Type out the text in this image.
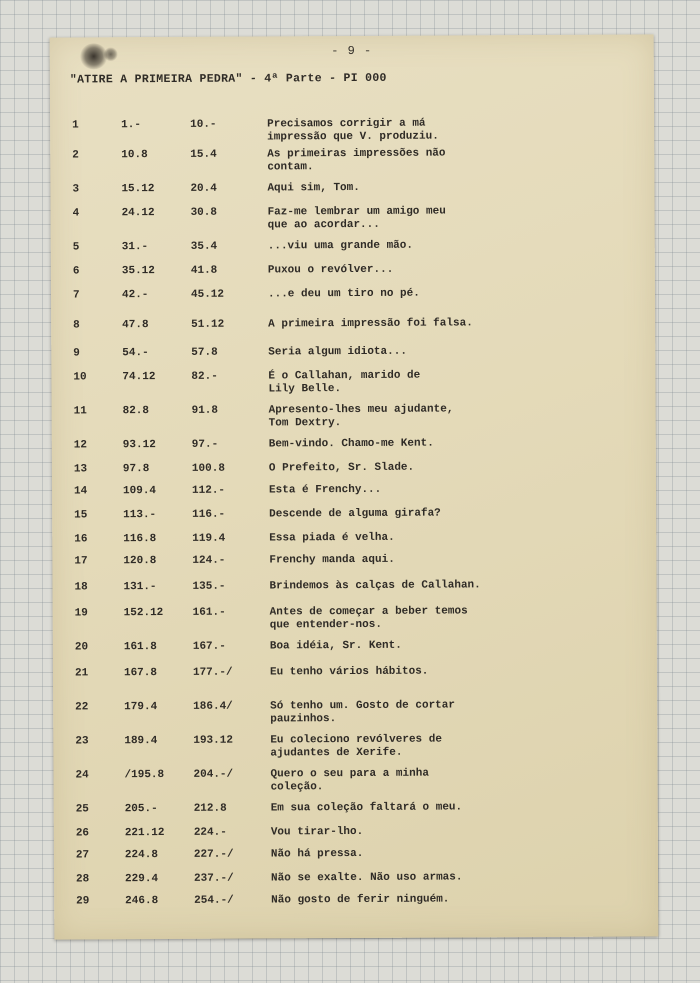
- 9 -
"ATIRE A PRIMEIRA PEDRA" - 4ª Parte - PI 000
1	1.-	10.-	Precisamos corrigir a má
impressão que V. produziu.
2	10.8	15.4	As primeiras impressões não
contam.
3	15.12	20.4	Aqui sim, Tom.
4	24.12	30.8	Faz-me lembrar um amigo meu
que ao acordar...
5	31.-	35.4	...viu uma grande mão.
6	35.12	41.8	Puxou o revólver...
7	42.-	45.12	...e deu um tiro no pé.
8	47.8	51.12	A primeira impressão foi falsa.
9	54.-	57.8	Seria algum idiota...
10	74.12	82.-	É o Callahan, marido de
Lily Belle.
11	82.8	91.8	Apresento-lhes meu ajudante,
Tom Dextry.
12	93.12	97.-	Bem-vindo. Chamo-me Kent.
13	97.8	100.8	O Prefeito, Sr. Slade.
14	109.4	112.-	Esta é Frenchy...
15	113.-	116.-	Descende de alguma girafa?
16	116.8	119.4	Essa piada é velha.
17	120.8	124.-	Frenchy manda aqui.
18	131.-	135.-	Brindemos às calças de Callahan.
19	152.12	161.-	Antes de começar a beber temos
que entender-nos.
20	161.8	167.-	Boa idéia, Sr. Kent.
21	167.8	177.-/	Eu tenho vários hábitos.
22	179.4	186.4/	Só tenho um. Gosto de cortar
pauzinhos.
23	189.4	193.12	Eu coleciono revólveres de
ajudantes de Xerife.
24	/195.8	204.-/	Quero o seu para a minha
coleção.
25	205.-	212.8	Em sua coleção faltará o meu.
26	221.12	224.-	Vou tirar-lho.
27	224.8	227.-/	Não há pressa.
28	229.4	237.-/	Não se exalte. Não uso armas.
29	246.8	254.-/	Não gosto de ferir ninguém.
